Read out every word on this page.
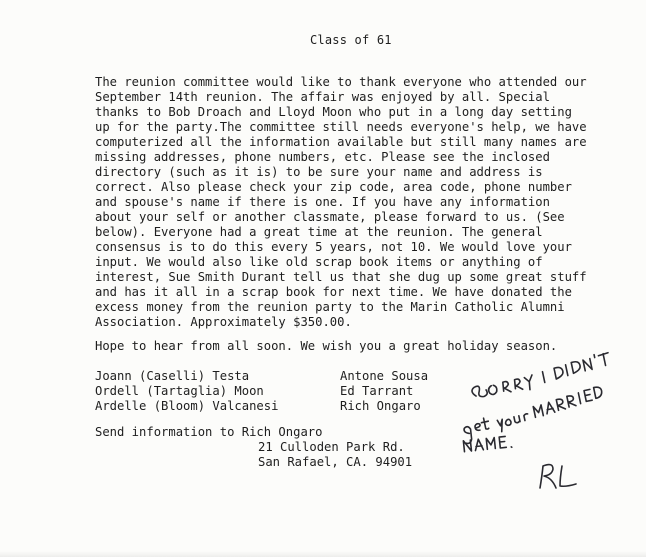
Class of 61
The reunion committee would like to thank everyone who attended our
September 14th reunion. The affair was enjoyed by all. Special
thanks to Bob Droach and Lloyd Moon who put in a long day setting
up for the party.The committee still needs everyone's help, we have
computerized all the information available but still many names are
missing addresses, phone numbers, etc. Please see the inclosed
directory (such as it is) to be sure your name and address is
correct. Also please check your zip code, area code, phone number
and spouse's name if there is one. If you have any information
about your self or another classmate, please forward to us. (See
below). Everyone had a great time at the reunion. The general
consensus is to do this every 5 years, not 10. We would love your
input. We would also like old scrap book items or anything of
interest, Sue Smith Durant tell us that she dug up some great stuff
and has it all in a scrap book for next time. We have donated the
excess money from the reunion party to the Marin Catholic Alumni
Association. Approximately $350.00.
Hope to hear from all soon. We wish you a great holiday season.
Joann (Caselli) Testa
Ordell (Tartaglia) Moon
Ardelle (Bloom) Valcanesi
Antone Sousa
Ed Tarrant
Rich Ongaro
Send information to Rich Ongaro
21 Culloden Park Rd.
San Rafael, CA. 94901
